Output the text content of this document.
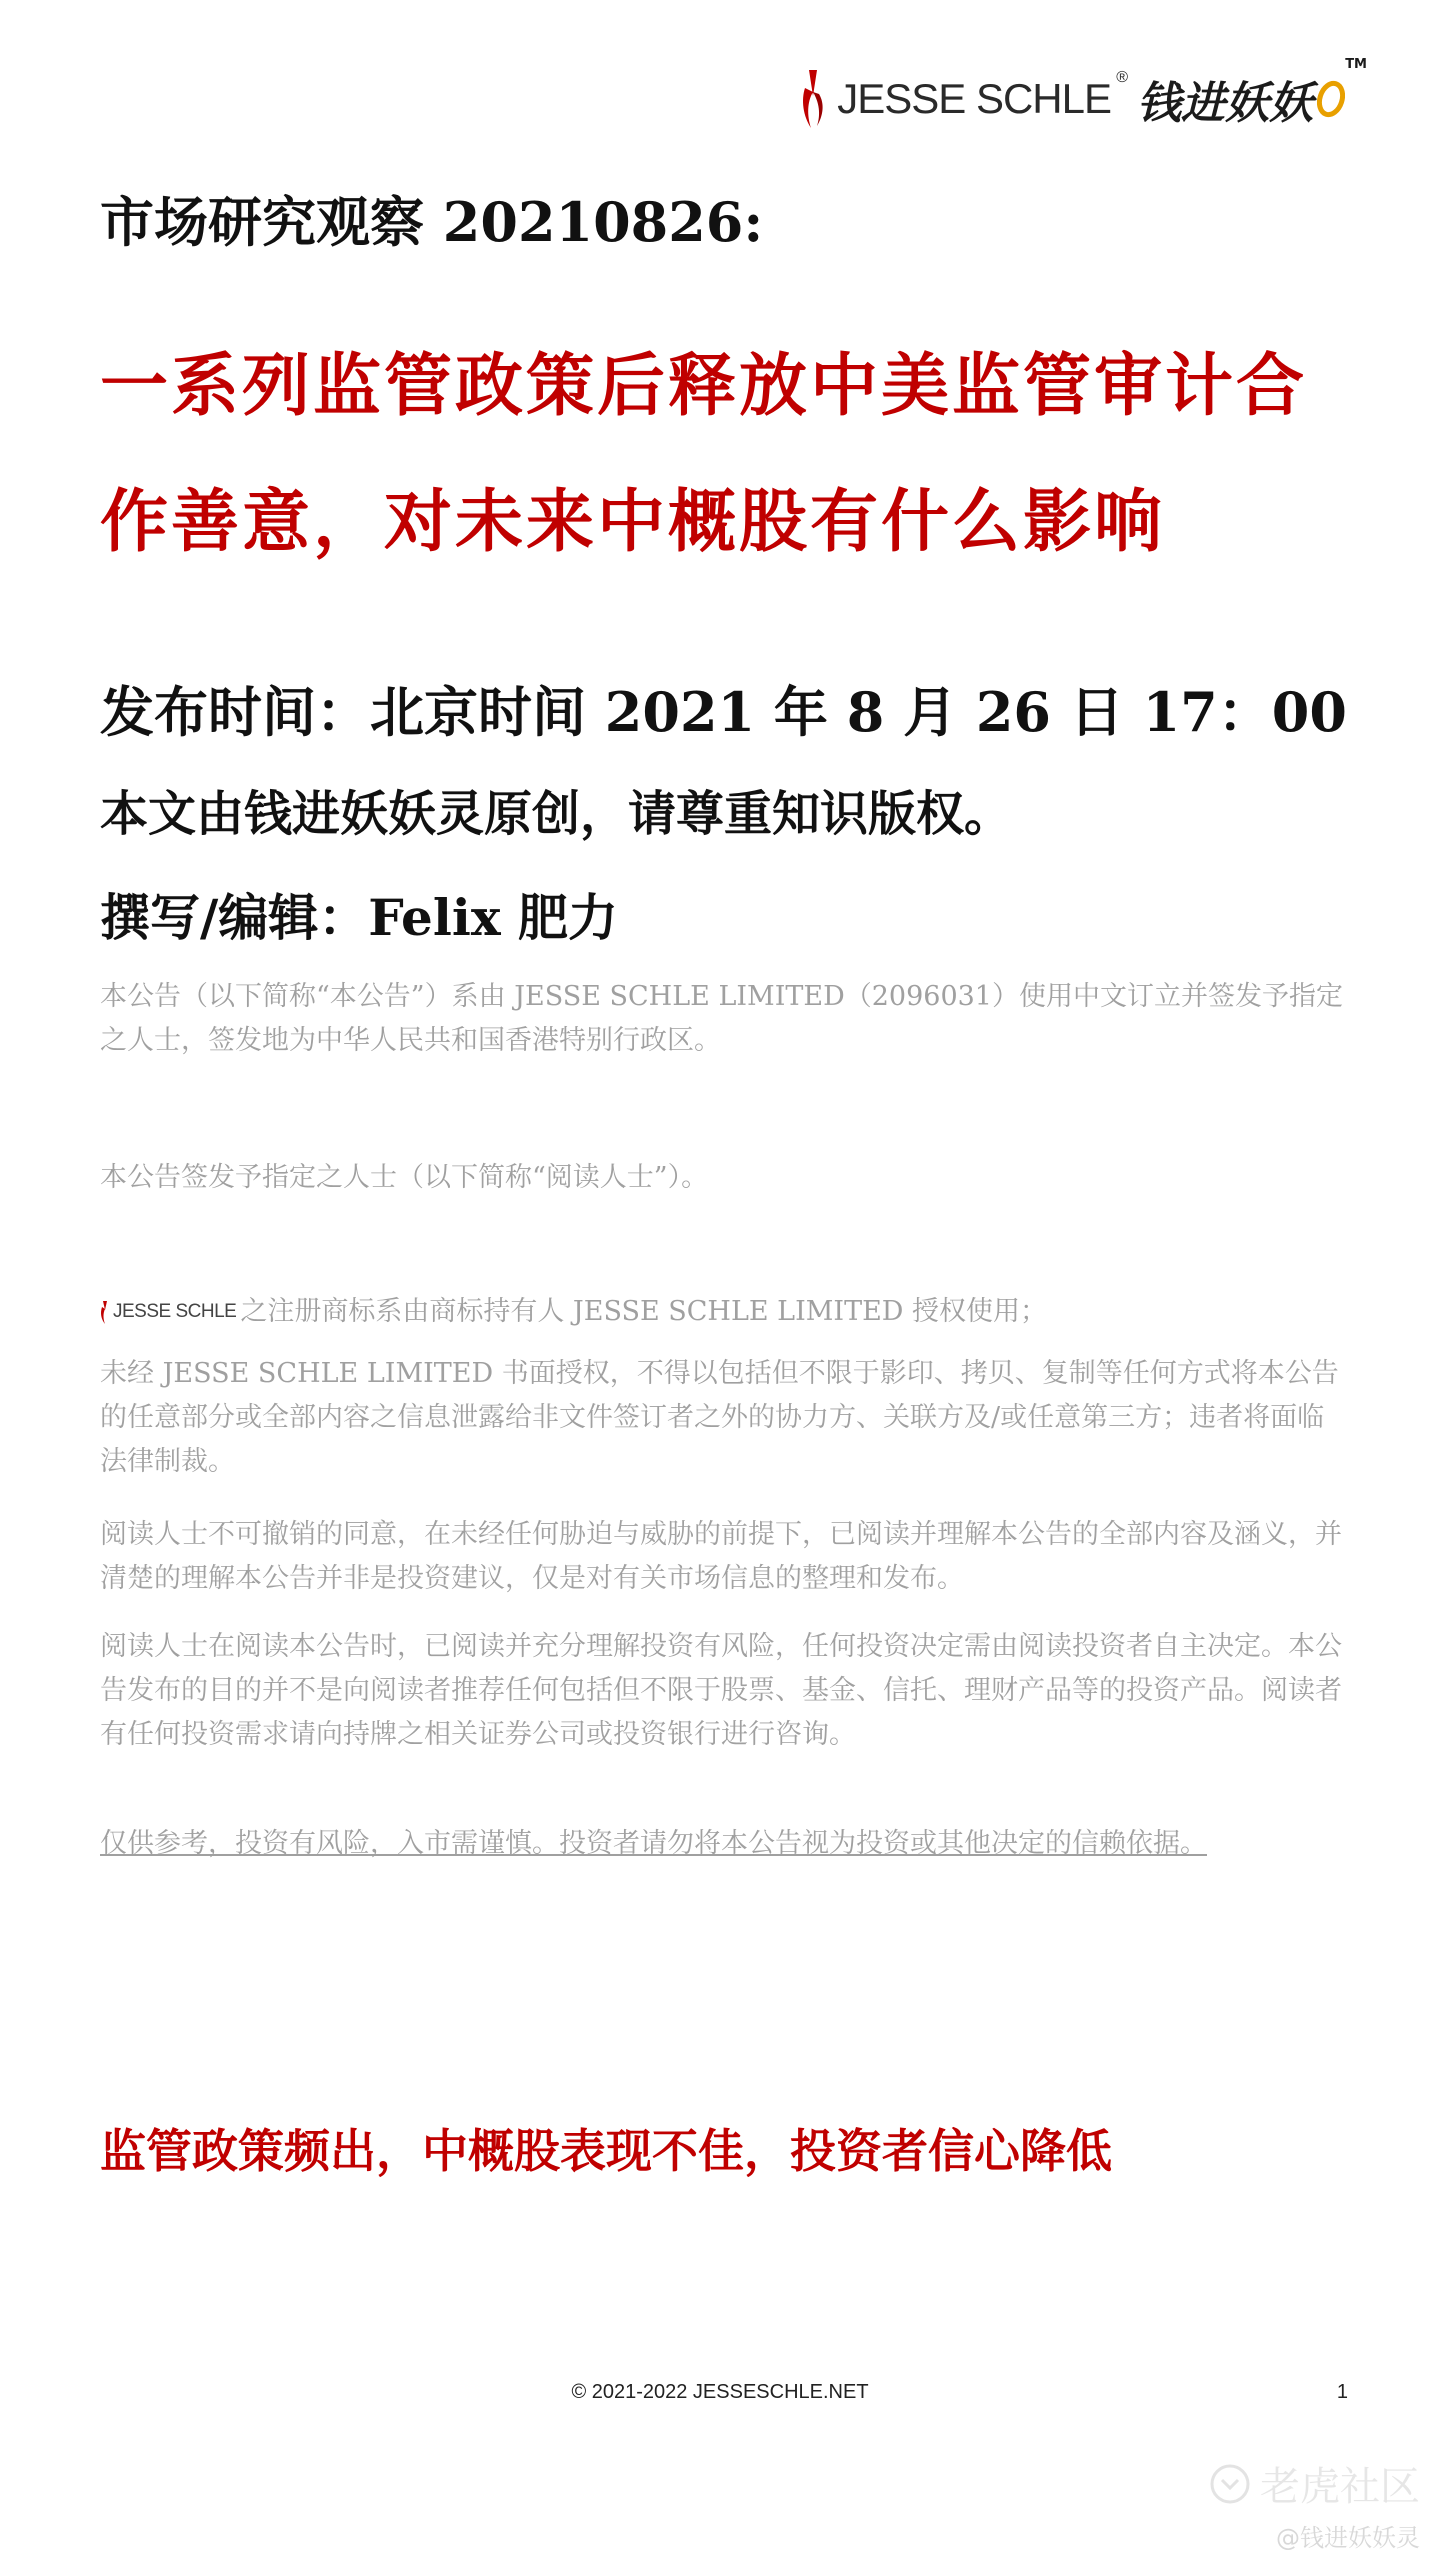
JESSE SCHLE ®
钱进妖妖
TM
市场研究观察 20210826:
一系列监管政策后释放中美监管审计合作善意，对未来中概股有什么影响
发布时间：北京时间 2021 年 8 月 26 日 17：00
本文由钱进妖妖灵原创，请尊重知识版权。
撰写/编辑：Felix 肥力

本公告（以下简称“本公告”）系由 JESSE SCHLE LIMITED（2096031）使用中文订立并签发予指定之人士，签发地为中华人民共和国香港特别行政区。

本公告签发予指定之人士（以下简称“阅读人士”）。

JESSE SCHLE 之注册商标系由商标持有人 JESSE SCHLE LIMITED 授权使用；

未经 JESSE SCHLE LIMITED 书面授权，不得以包括但不限于影印、拷贝、复制等任何方式将本公告的任意部分或全部内容之信息泄露给非文件签订者之外的协力方、关联方及/或任意第三方；违者将面临法律制裁。

阅读人士不可撤销的同意，在未经任何胁迫与威胁的前提下，已阅读并理解本公告的全部内容及涵义，并清楚的理解本公告并非是投资建议，仅是对有关市场信息的整理和发布。

阅读人士在阅读本公告时，已阅读并充分理解投资有风险，任何投资决定需由阅读投资者自主决定。本公告发布的目的并不是向阅读者推荐任何包括但不限于股票、基金、信托、理财产品等的投资产品。阅读者有任何投资需求请向持牌之相关证券公司或投资银行进行咨询。

仅供参考，投资有风险，入市需谨慎。投资者请勿将本公告视为投资或其他决定的信赖依据。

监管政策频出，中概股表现不佳，投资者信心降低
© 2021-2022 JESSESCHLE.NET	1
老虎社区
@钱进妖妖灵
